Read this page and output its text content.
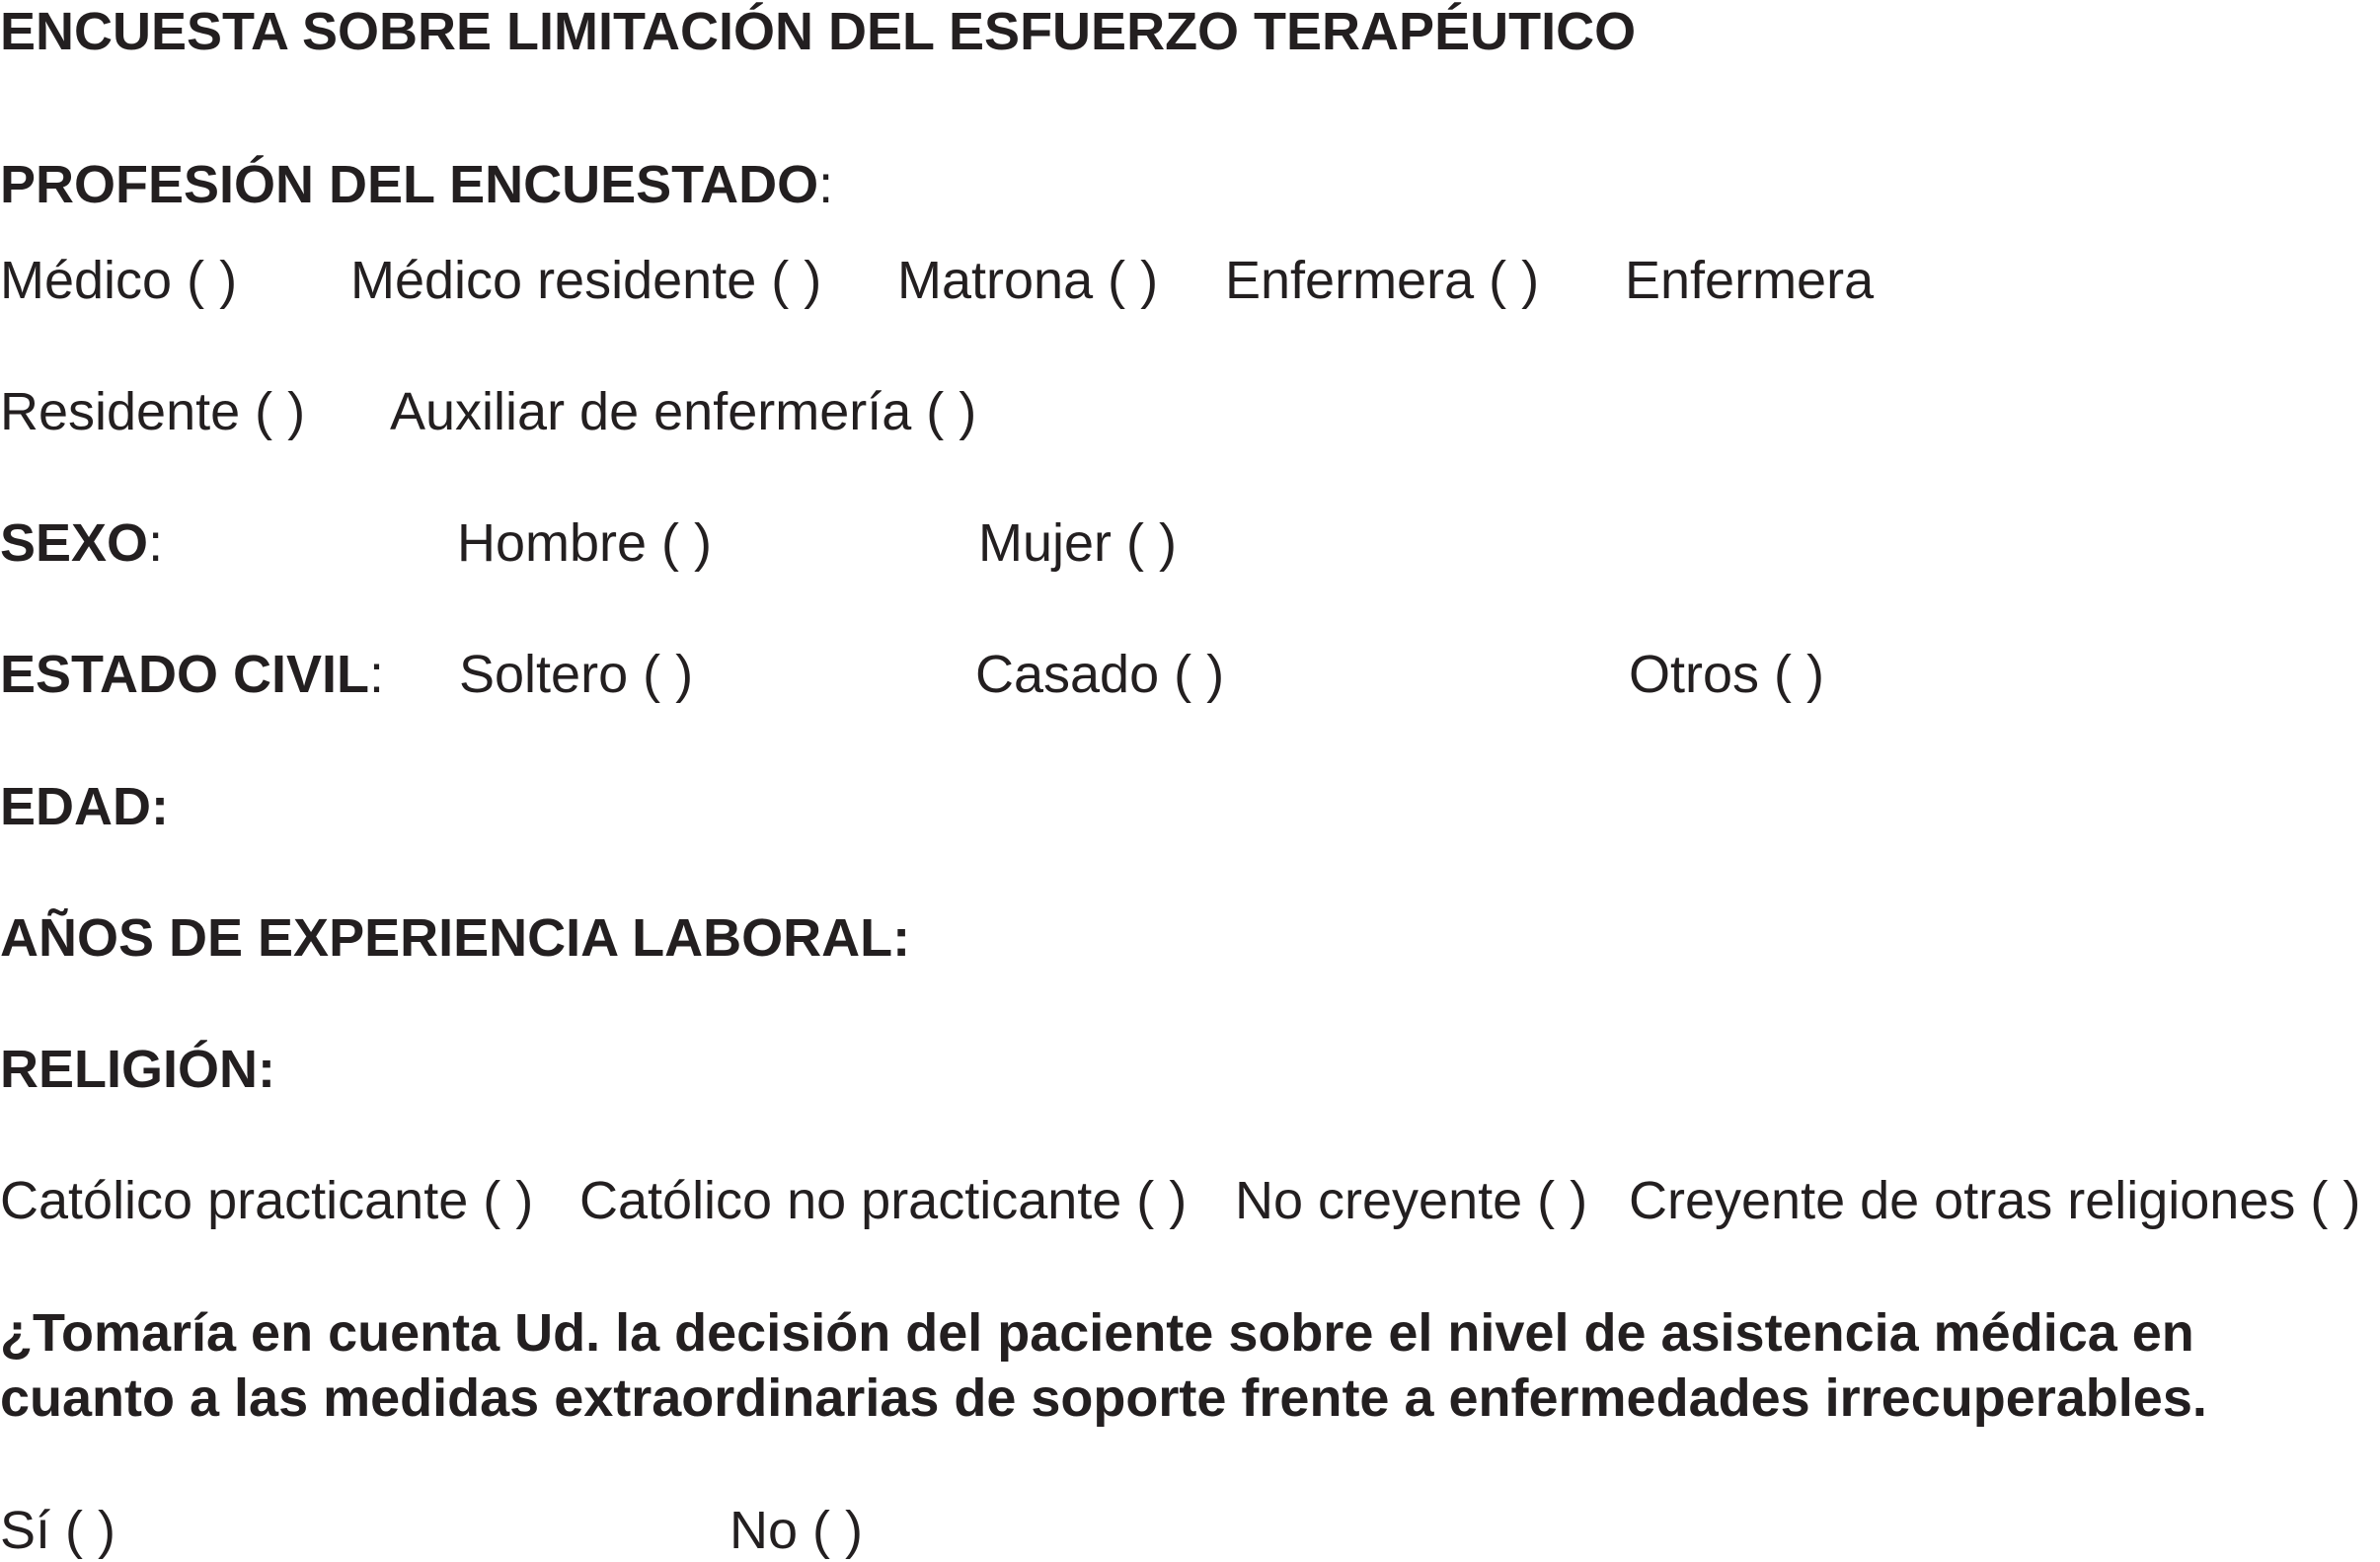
ENCUESTA SOBRE LIMITACIÓN DEL ESFUERZO TERAPÉUTICO
PROFESIÓN DEL ENCUESTADO:
Médico ( ) Médico residente ( ) Matrona ( ) Enfermera ( ) Enfermera
Residente ( ) Auxiliar de enfermería ( )
SEXO:	Hombre ( )	Mujer ( )
ESTADO CIVIL: Soltero ( )	Casado ( )	Otros ( )
EDAD:
AÑOS DE EXPERIENCIA LABORAL:
RELIGIÓN:
Católico practicante ( ) Católico no practicante ( ) No creyente ( ) Creyente de otras religiones ( )
¿Tomaría en cuenta Ud. la decisión del paciente sobre el nivel de asistencia médica en
cuanto a las medidas extraordinarias de soporte frente a enfermedades irrecuperables.
Sí ( )	No ( )
